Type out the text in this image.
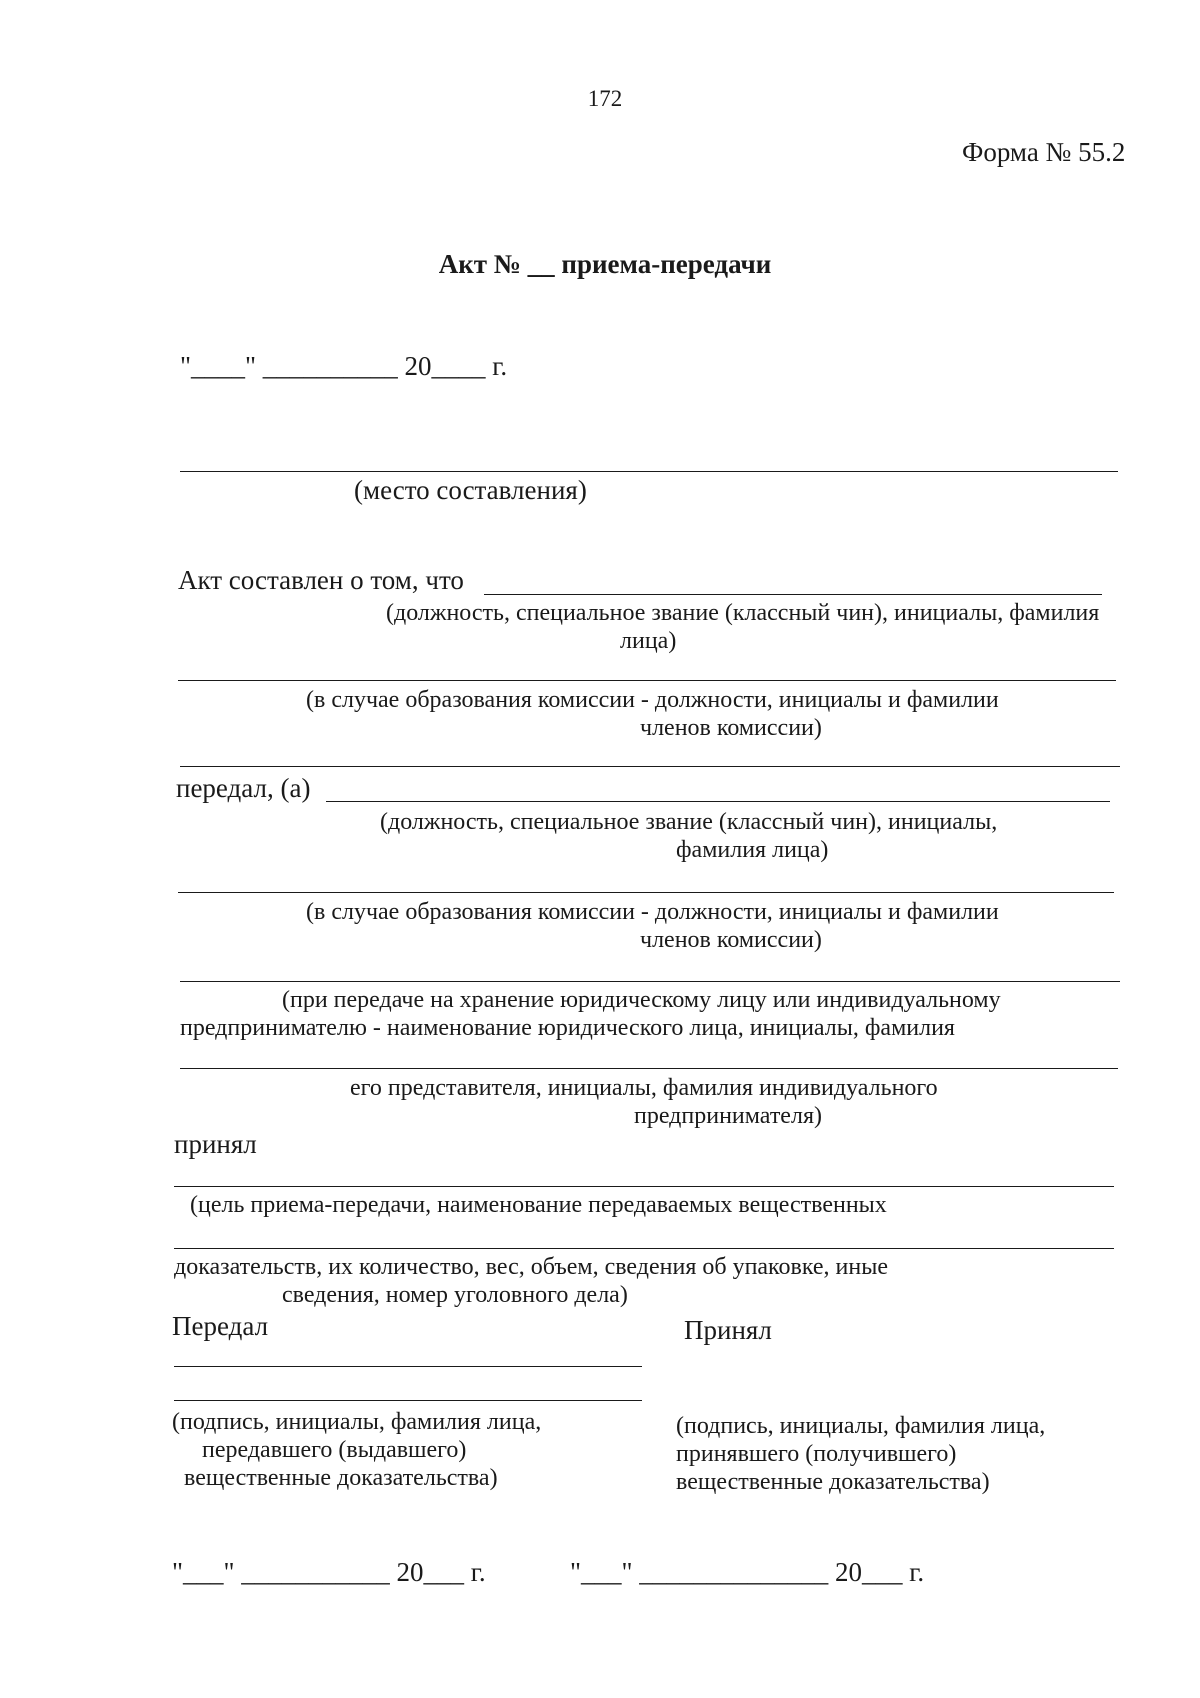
172
Форма № 55.2
Акт № __ приема-передачи
"____" __________ 20____ г.
(место составления)
Акт составлен о том, что
(должность, специальное звание (классный чин), инициалы, фамилия
лица)
(в случае образования комиссии - должности, инициалы и фамилии
членов комиссии)
передал, (а)
(должность, специальное звание (классный чин), инициалы,
фамилия лица)
(в случае образования комиссии - должности, инициалы и фамилии
членов комиссии)
(при передаче на хранение юридическому лицу или индивидуальному
предпринимателю - наименование юридического лица, инициалы, фамилия
его представителя, инициалы, фамилия индивидуального
предпринимателя)
принял
(цель приема-передачи, наименование передаваемых вещественных
доказательств, их количество, вес, объем, сведения об упаковке, иные
сведения, номер уголовного дела)
Передал	Принял
(подпись, инициалы, фамилия лица,
передавшего (выдавшего)
вещественные доказательства)
(подпись, инициалы, фамилия лица,
принявшего (получившего)
вещественные доказательства)
"___" ___________ 20___ г.	"___" ______________ 20___ г.
